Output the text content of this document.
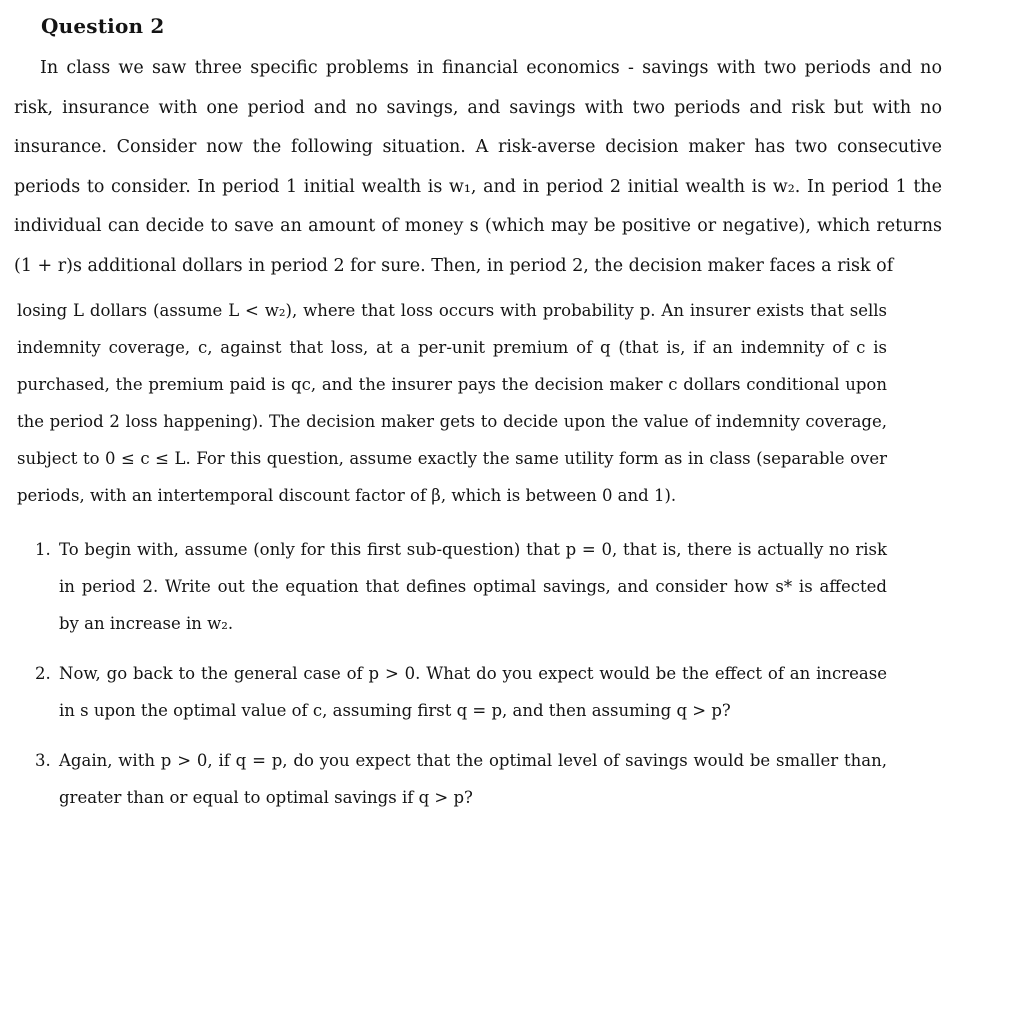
Question 2
In class we saw three specific problems in financial economics - savings with two periods and no risk, insurance with one period and no savings, and savings with two periods and risk but with no insurance. Consider now the following situation. A risk-averse decision maker has two consecutive periods to consider. In period 1 initial wealth is w₁, and in period 2 initial wealth is w₂. In period 1 the individual can decide to save an amount of money s (which may be positive or negative), which returns (1 + r)s additional dollars in period 2 for sure. Then, in period 2, the decision maker faces a risk of
losing L dollars (assume L < w₂), where that loss occurs with probability p. An insurer exists that sells indemnity coverage, c, against that loss, at a per-unit premium of q (that is, if an indemnity of c is purchased, the premium paid is qc, and the insurer pays the decision maker c dollars conditional upon the period 2 loss happening). The decision maker gets to decide upon the value of indemnity coverage, subject to 0 ≤ c ≤ L. For this question, assume exactly the same utility form as in class (separable over periods, with an intertemporal discount factor of β, which is between 0 and 1).
1. To begin with, assume (only for this first sub-question) that p = 0, that is, there is actually no risk in period 2. Write out the equation that defines optimal savings, and consider how s* is affected by an increase in w₂.
2. Now, go back to the general case of p > 0. What do you expect would be the effect of an increase in s upon the optimal value of c, assuming first q = p, and then assuming q > p?
3. Again, with p > 0, if q = p, do you expect that the optimal level of savings would be smaller than, greater than or equal to optimal savings if q > p?
